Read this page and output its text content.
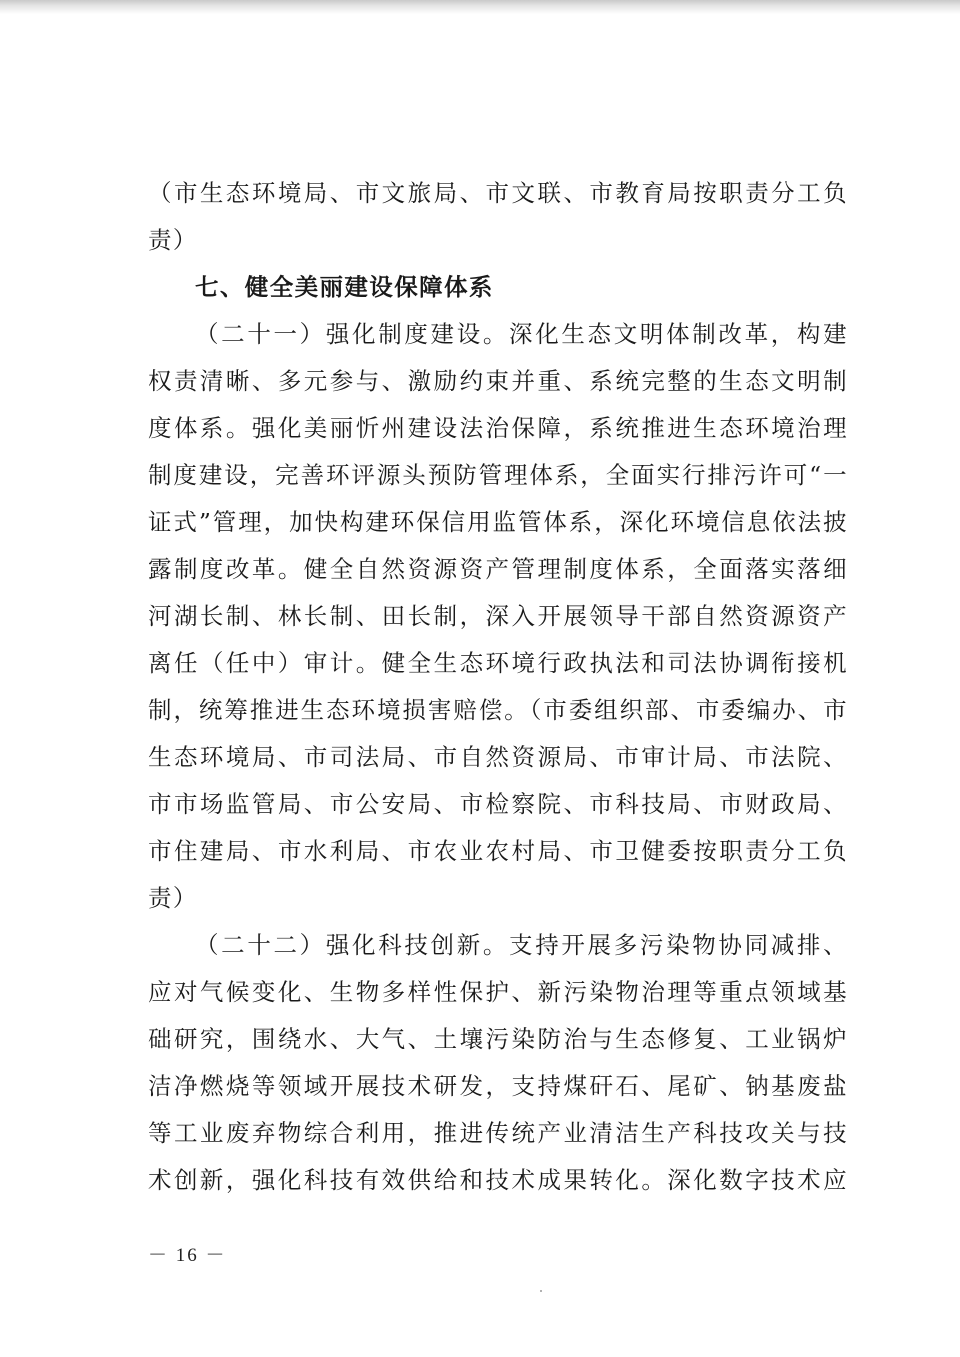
（市生态环境局、市文旅局、市文联、市教育局按职责分工负
责）
七、健全美丽建设保障体系
（二十一）强化制度建设。深化生态文明体制改革，构建
权责清晰、多元参与、激励约束并重、系统完整的生态文明制
度体系。强化美丽忻州建设法治保障，系统推进生态环境治理
制度建设，完善环评源头预防管理体系，全面实行排污许可“一
证式”管理，加快构建环保信用监管体系，深化环境信息依法披
露制度改革。健全自然资源资产管理制度体系，全面落实落细
河湖长制、林长制、田长制，深入开展领导干部自然资源资产
离任（任中）审计。健全生态环境行政执法和司法协调衔接机
制，统筹推进生态环境损害赔偿。（市委组织部、市委编办、市
生态环境局、市司法局、市自然资源局、市审计局、市法院、
市市场监管局、市公安局、市检察院、市科技局、市财政局、
市住建局、市水利局、市农业农村局、市卫健委按职责分工负
责）
（二十二）强化科技创新。支持开展多污染物协同减排、
应对气候变化、生物多样性保护、新污染物治理等重点领域基
础研究，围绕水、大气、土壤污染防治与生态修复、工业锅炉
洁净燃烧等领域开展技术研发，支持煤矸石、尾矿、钠基废盐
等工业废弃物综合利用，推进传统产业清洁生产科技攻关与技
术创新，强化科技有效供给和技术成果转化。深化数字技术应
－ 16 －
